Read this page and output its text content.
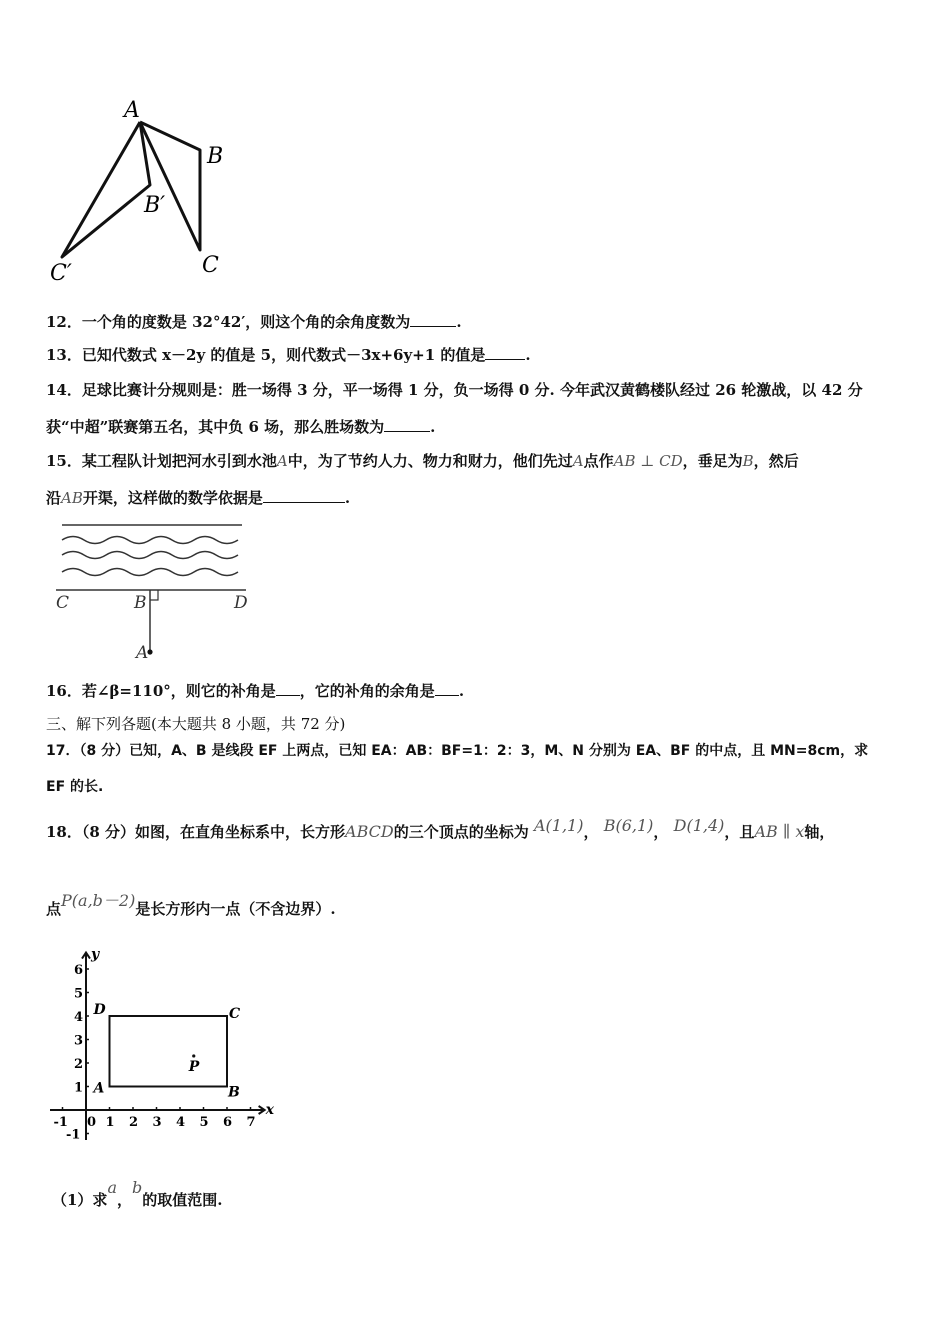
A
B
B′
C
C′
12．一个角的度数是 32°42′，则这个角的余角度数为	.
13．已知代数式 x－2y 的值是 5，则代数式－3x+6y+1 的值是	.
14．足球比赛计分规则是：胜一场得 3 分，平一场得 1 分，负一场得 0 分. 今年武汉黄鹤楼队经过 26 轮激战，以 42 分
获“中超”联赛第五名，其中负 6 场，那么胜场数为	.
15．某工程队计划把河水引到水池A中，为了节约人力、物力和财力，他们先过A点作AB ⊥ CD，垂足为B，然后
沿AB开渠，这样做的数学依据是	.
C	B	D
A
16．若∠β=110°，则它的补角是 ，它的补角的余角是 .
三、解下列各题(本大题共 8 小题，共 72 分)
17．（8 分）已知，A、B 是线段 EF 上两点，已知 EA：AB：BF=1：2：3，M、N 分别为 EA、BF 的中点，且 MN=8cm，求
EF 的长.
18．（8 分）如图，在直角坐标系中，长方形ABCD的三个顶点的坐标为 A(1,1)， B(6,1)， D(1,4)，且AB ∥ x轴，
点P(a,b－2)是长方形内一点（不含边界）.
-1 0 1 2 3 4 5 6 7
-1
1
2
3
4
5
6
A	B
C
D
P
x
y
（1）求a，b的取值范围.
